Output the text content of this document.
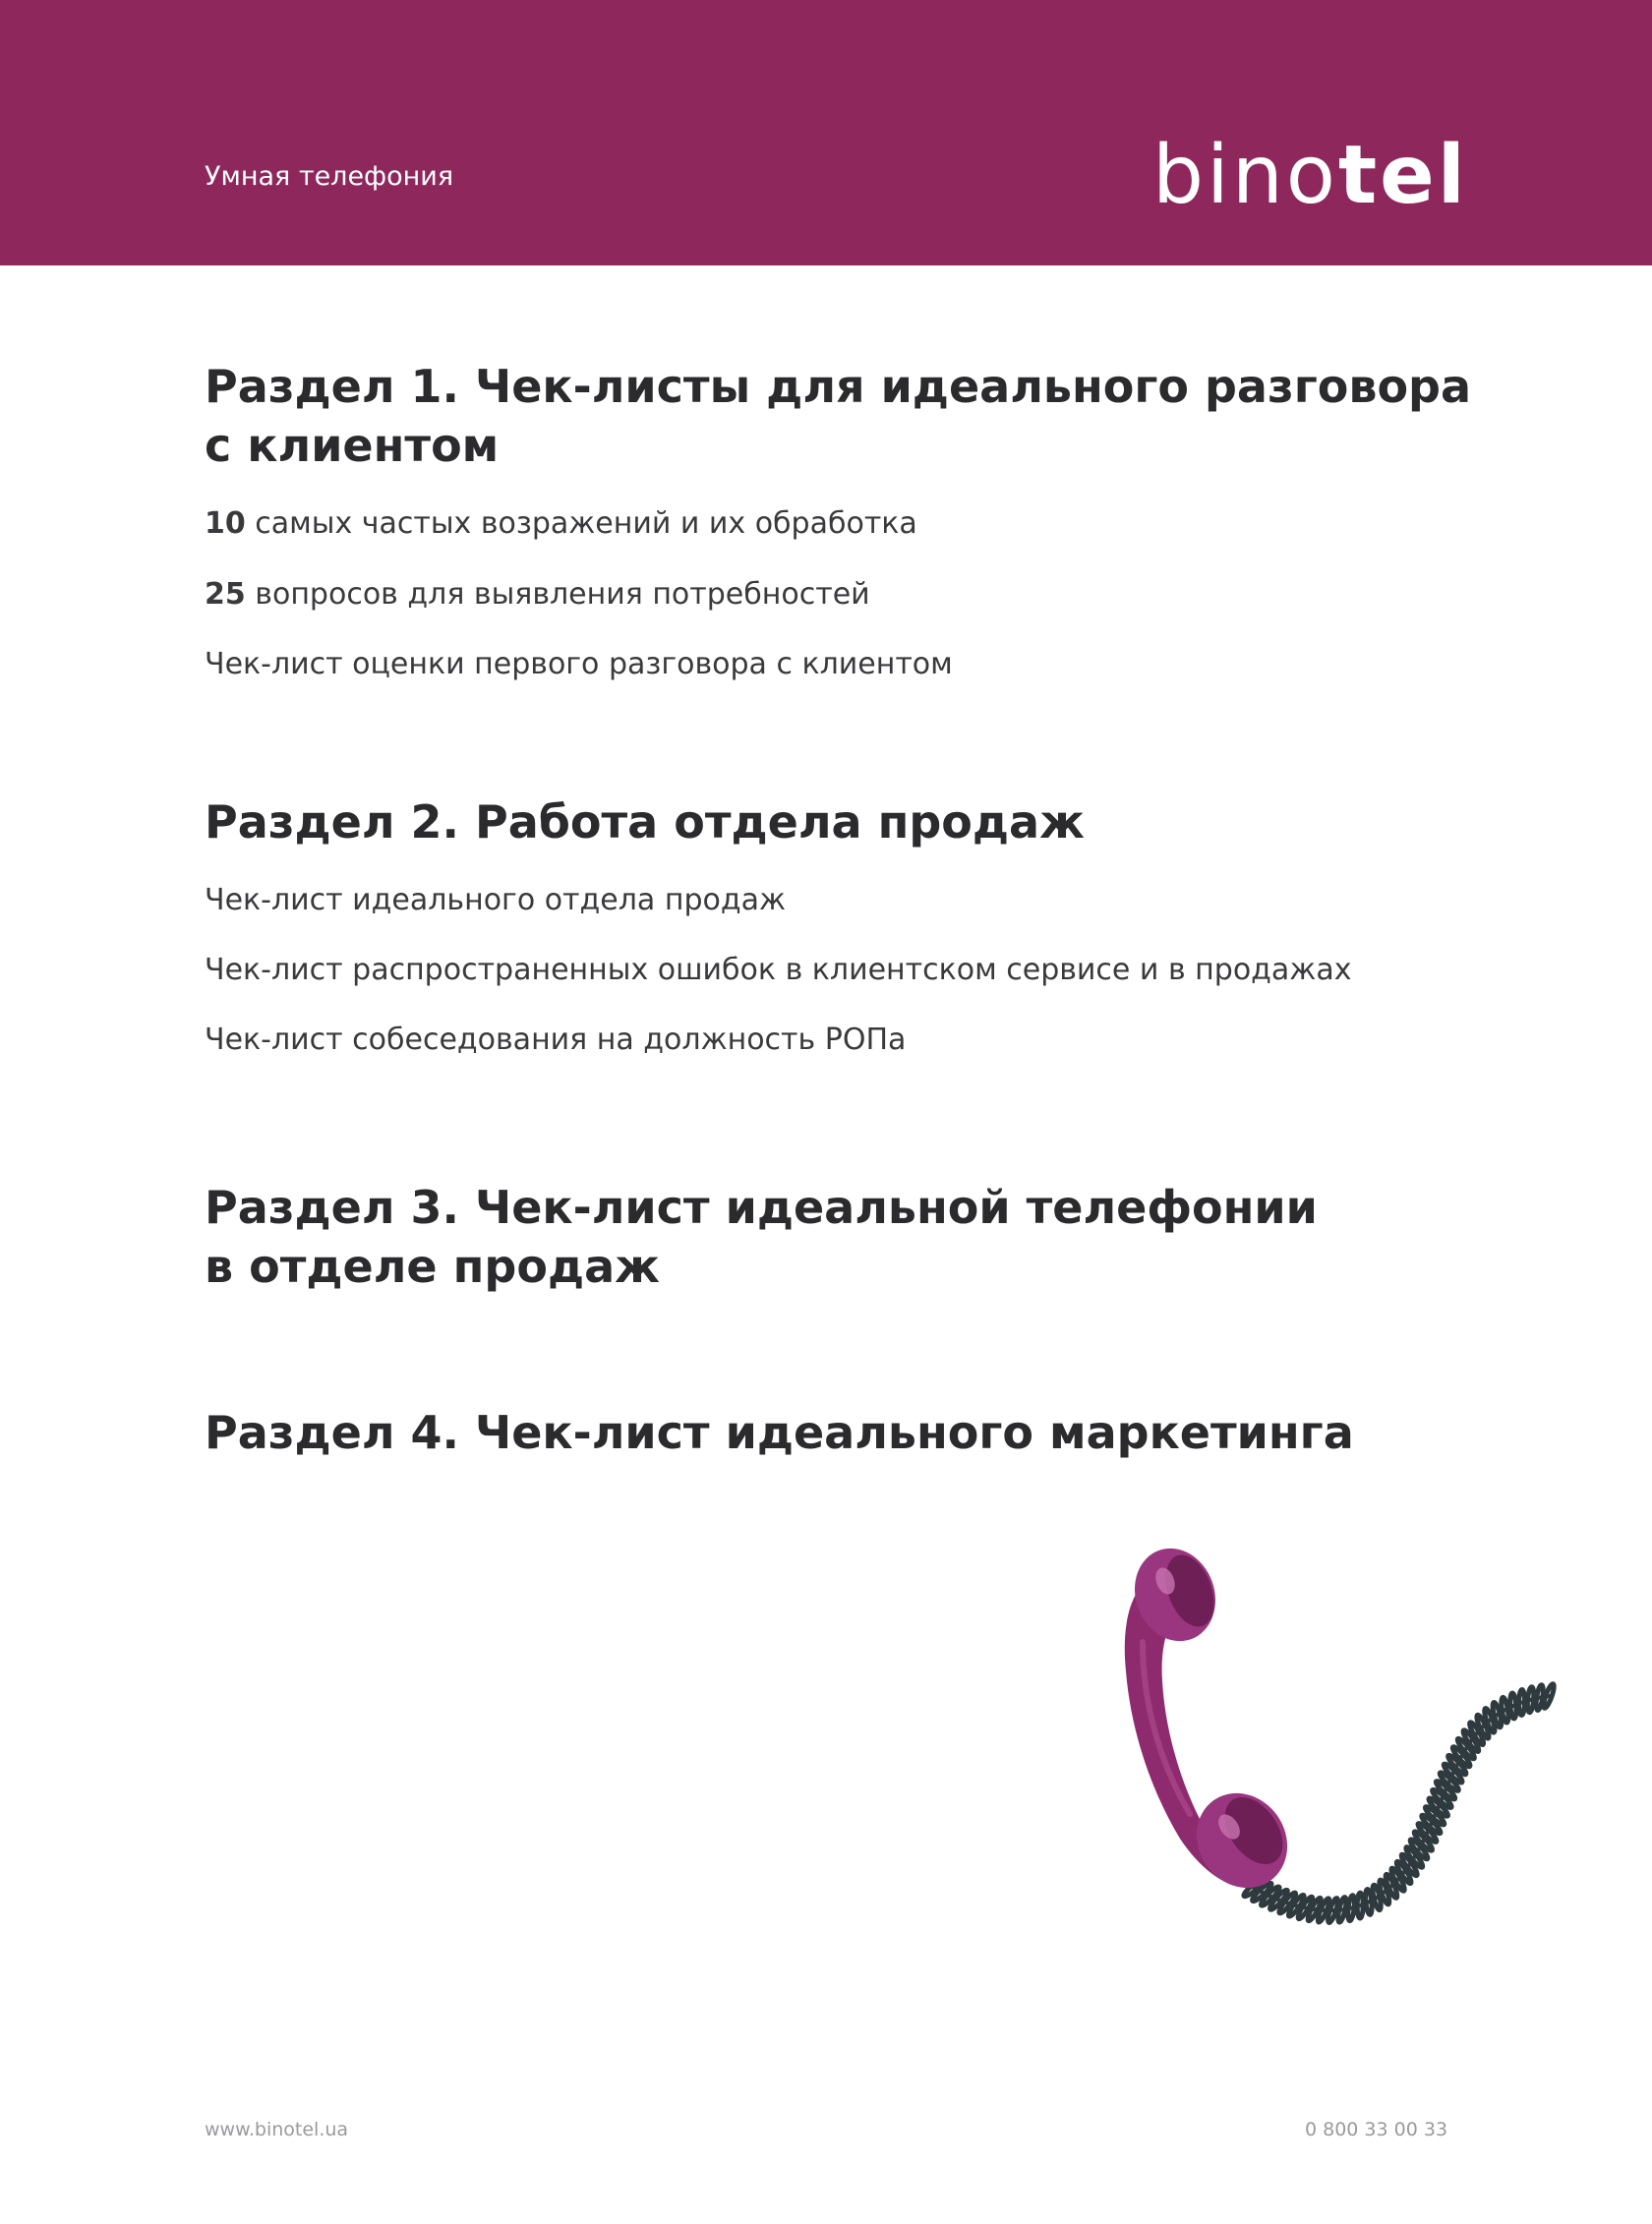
Умная телефония	binotel
Раздел 1. Чек-листы для идеального разговора
с клиентом
10 самых частых возражений и их обработка
25 вопросов для выявления потребностей
Чек-лист оценки первого разговора с клиентом
Раздел 2. Работа отдела продаж
Чек-лист идеального отдела продаж
Чек-лист распространенных ошибок в клиентском сервисе и в продажах
Чек-лист собеседования на должность РОПа
Раздел 3. Чек-лист идеальной телефонии
в отделе продаж
Раздел 4. Чек-лист идеального маркетинга
www.binotel.ua	0 800 33 00 33
